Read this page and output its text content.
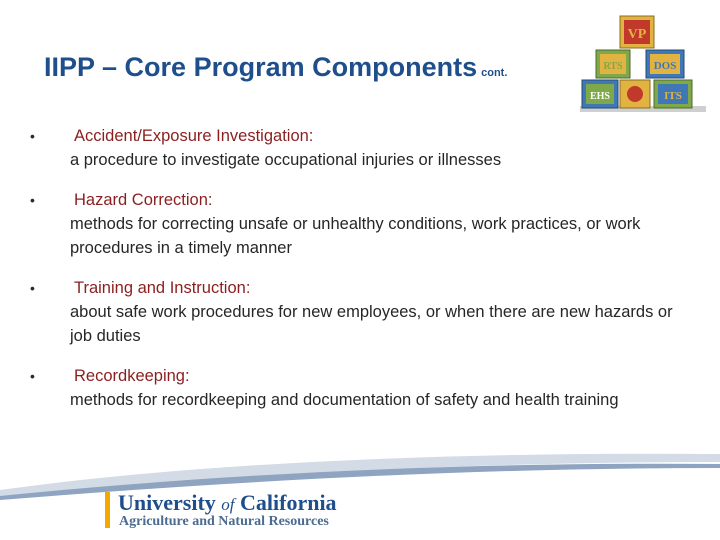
IIPP – Core Program Components cont.
VP
RTS	DOS
EHS	ITS
•	Accident/Exposure Investigation:
a procedure to investigate occupational injuries or illnesses
•	Hazard Correction:
methods for correcting unsafe or unhealthy conditions, work practices, or work procedures in a timely manner
•	Training and Instruction:
about safe work procedures for new employees, or when there are new hazards or job duties
•	Recordkeeping:
methods for recordkeeping and documentation of safety and health training
University of California
Agriculture and Natural Resources
